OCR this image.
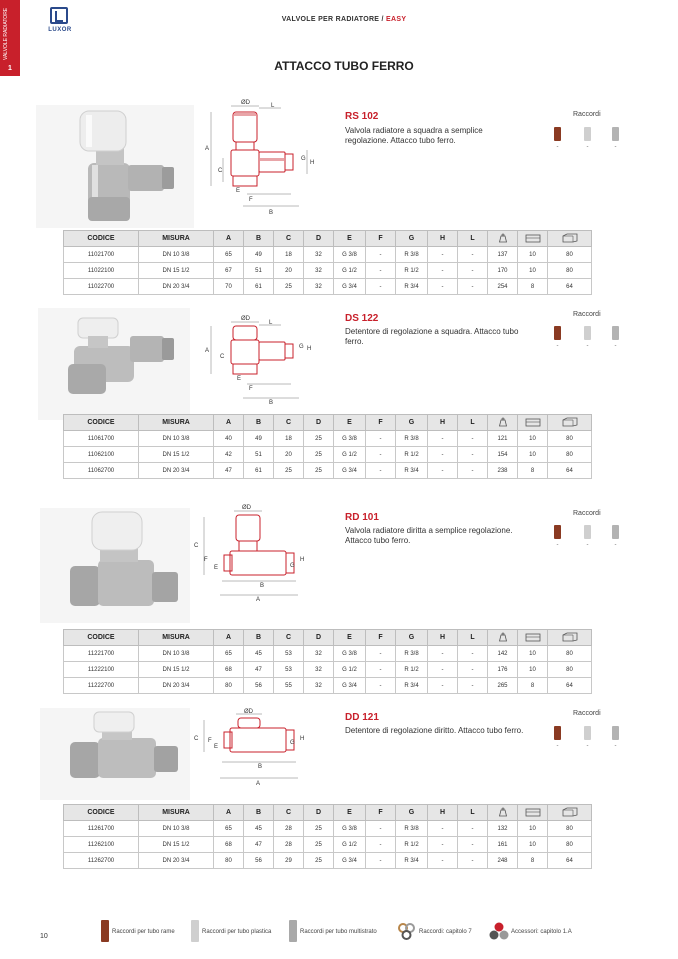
VALVOLE RADIATORE
1
LUXOR
VALVOLE PER RADIATORE / EASY
ATTACCO TUBO FERRO
ØD	L
A
C
E
F
G
H
B
RS 102
Valvola radiatore a squadra a semplice regolazione. Attacco tubo ferro.
Raccordi
-	-	-
CODICE	MISURA	A	B	C	D	E	F	G	H	L			
11021700	DN 10 3/8	65	49	18	32	G 3/8	-	R 3/8	-	-	137	10	80
11022100	DN 15 1/2	67	51	20	32	G 1/2	-	R 1/2	-	-	170	10	80
11022700	DN 20 3/4	70	61	25	32	G 3/4	-	R 3/4	-	-	254	8	64
ØD
L
A
C
E
F
G H
B
DS 122
Detentore di regolazione a squadra. Attacco tubo ferro.
Raccordi
-	-	-
CODICE	MISURA	A	B	C	D	E	F	G	H	L			
11061700	DN 10 3/8	40	49	18	25	G 3/8	-	R 3/8	-	-	121	10	80
11062100	DN 15 1/2	42	51	20	25	G 1/2	-	R 1/2	-	-	154	10	80
11062700	DN 20 3/4	47	61	25	25	G 3/4	-	R 3/4	-	-	238	8	64
ØD
C
E
F
B
G
H
A
RD 101
Valvola radiatore diritta a semplice regolazione. Attacco tubo ferro.
Raccordi
-	-	-
CODICE	MISURA	A	B	C	D	E	F	G	H	L			
11221700	DN 10 3/8	65	45	53	32	G 3/8	-	R 3/8	-	-	142	10	80
11222100	DN 15 1/2	68	47	53	32	G 1/2	-	R 1/2	-	-	176	10	80
11222700	DN 20 3/4	80	56	55	32	G 3/4	-	R 3/4	-	-	265	8	64
ØD
C
E
F
B
G
H
A
DD 121
Detentore di regolazione diritto. Attacco tubo ferro.
Raccordi
-	-	-
CODICE	MISURA	A	B	C	D	E	F	G	H	L			
11261700	DN 10 3/8	65	45	28	25	G 3/8	-	R 3/8	-	-	132	10	80
11262100	DN 15 1/2	68	47	28	25	G 1/2	-	R 1/2	-	-	161	10	80
11262700	DN 20 3/4	80	56	29	25	G 3/4	-	R 3/4	-	-	248	8	64
10
Raccordi per tubo rame	Raccordi per tubo plastica	Raccordi per tubo multistrato	Raccordi: capitolo 7	Accessori: capitolo 1.A
